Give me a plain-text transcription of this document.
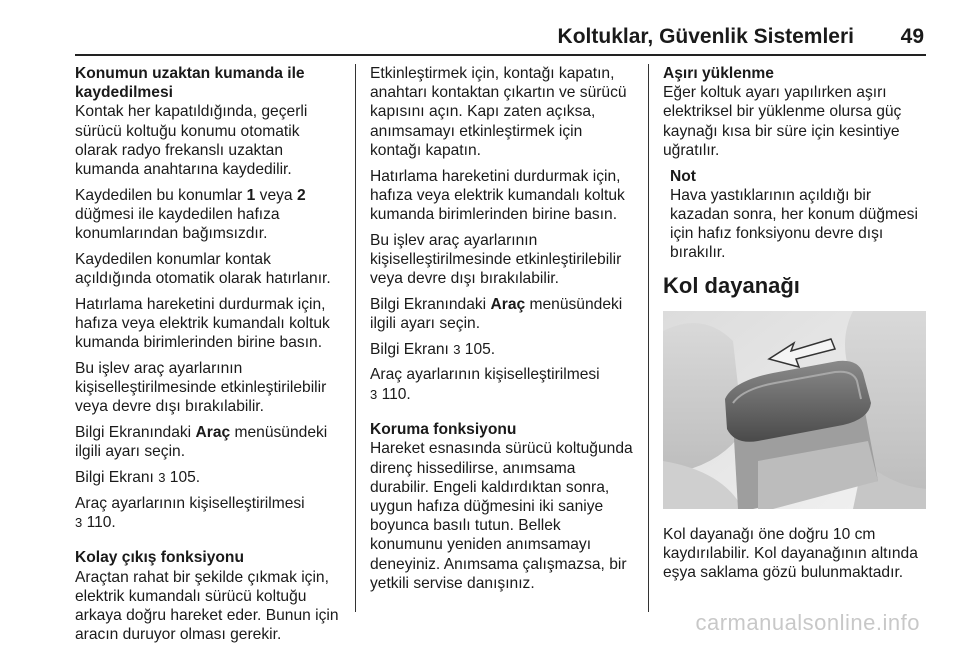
Koltuklar, Güvenlik Sistemleri 49

Konumun uzaktan kumanda ile kaydedilmesi

Kontak her kapatıldığında, geçerli sürücü koltuğu konumu otomatik olarak radyo frekanslı uzaktan kumanda anahtarına kaydedilir.

Kaydedilen bu konumlar 1 veya 2 düğmesi ile kaydedilen hafıza konumlarından bağımsızdır.

Kaydedilen konumlar kontak açıldığında otomatik olarak hatırlanır.

Hatırlama hareketini durdurmak için, hafıza veya elektrik kumandalı koltuk kumanda birimlerinden birine basın.

Bu işlev araç ayarlarının kişiselleştirilmesinde etkinleştirilebilir veya devre dışı bırakılabilir.

Bilgi Ekranındaki Araç menüsündeki ilgili ayarı seçin.

Bilgi Ekranı 3 105.

Araç ayarlarının kişiselleştirilmesi
3 110.

Kolay çıkış fonksiyonu

Araçtan rahat bir şekilde çıkmak için, elektrik kumandalı sürücü koltuğu arkaya doğru hareket eder. Bunun için aracın duruyor olması gerekir.

Etkinleştirmek için, kontağı kapatın, anahtarı kontaktan çıkartın ve sürücü kapısını açın. Kapı zaten açıksa, anımsamayı etkinleştirmek için kontağı kapatın.

Hatırlama hareketini durdurmak için, hafıza veya elektrik kumandalı koltuk kumanda birimlerinden birine basın.

Bu işlev araç ayarlarının kişiselleştirilmesinde etkinleştirilebilir veya devre dışı bırakılabilir.

Bilgi Ekranındaki Araç menüsündeki ilgili ayarı seçin.

Bilgi Ekranı 3 105.

Araç ayarlarının kişiselleştirilmesi
3 110.

Koruma fonksiyonu

Hareket esnasında sürücü koltuğunda direnç hissedilirse, anımsama durabilir. Engeli kaldırdıktan sonra, uygun hafıza düğmesini iki saniye boyunca basılı tutun. Bellek konumunu yeniden anımsamayı deneyiniz. Anımsama çalışmazsa, bir yetkili servise danışınız.

Aşırı yüklenme

Eğer koltuk ayarı yapılırken aşırı elektriksel bir yüklenme olursa güç kaynağı kısa bir süre için kesintiye uğratılır.

Not

Hava yastıklarının açıldığı bir kazadan sonra, her konum düğmesi için hafız fonksiyonu devre dışı bırakılır.

Kol dayanağı

Kol dayanağı öne doğru 10 cm kaydırılabilir. Kol dayanağının altında eşya saklama gözü bulunmaktadır.

carmanualsonline.info
